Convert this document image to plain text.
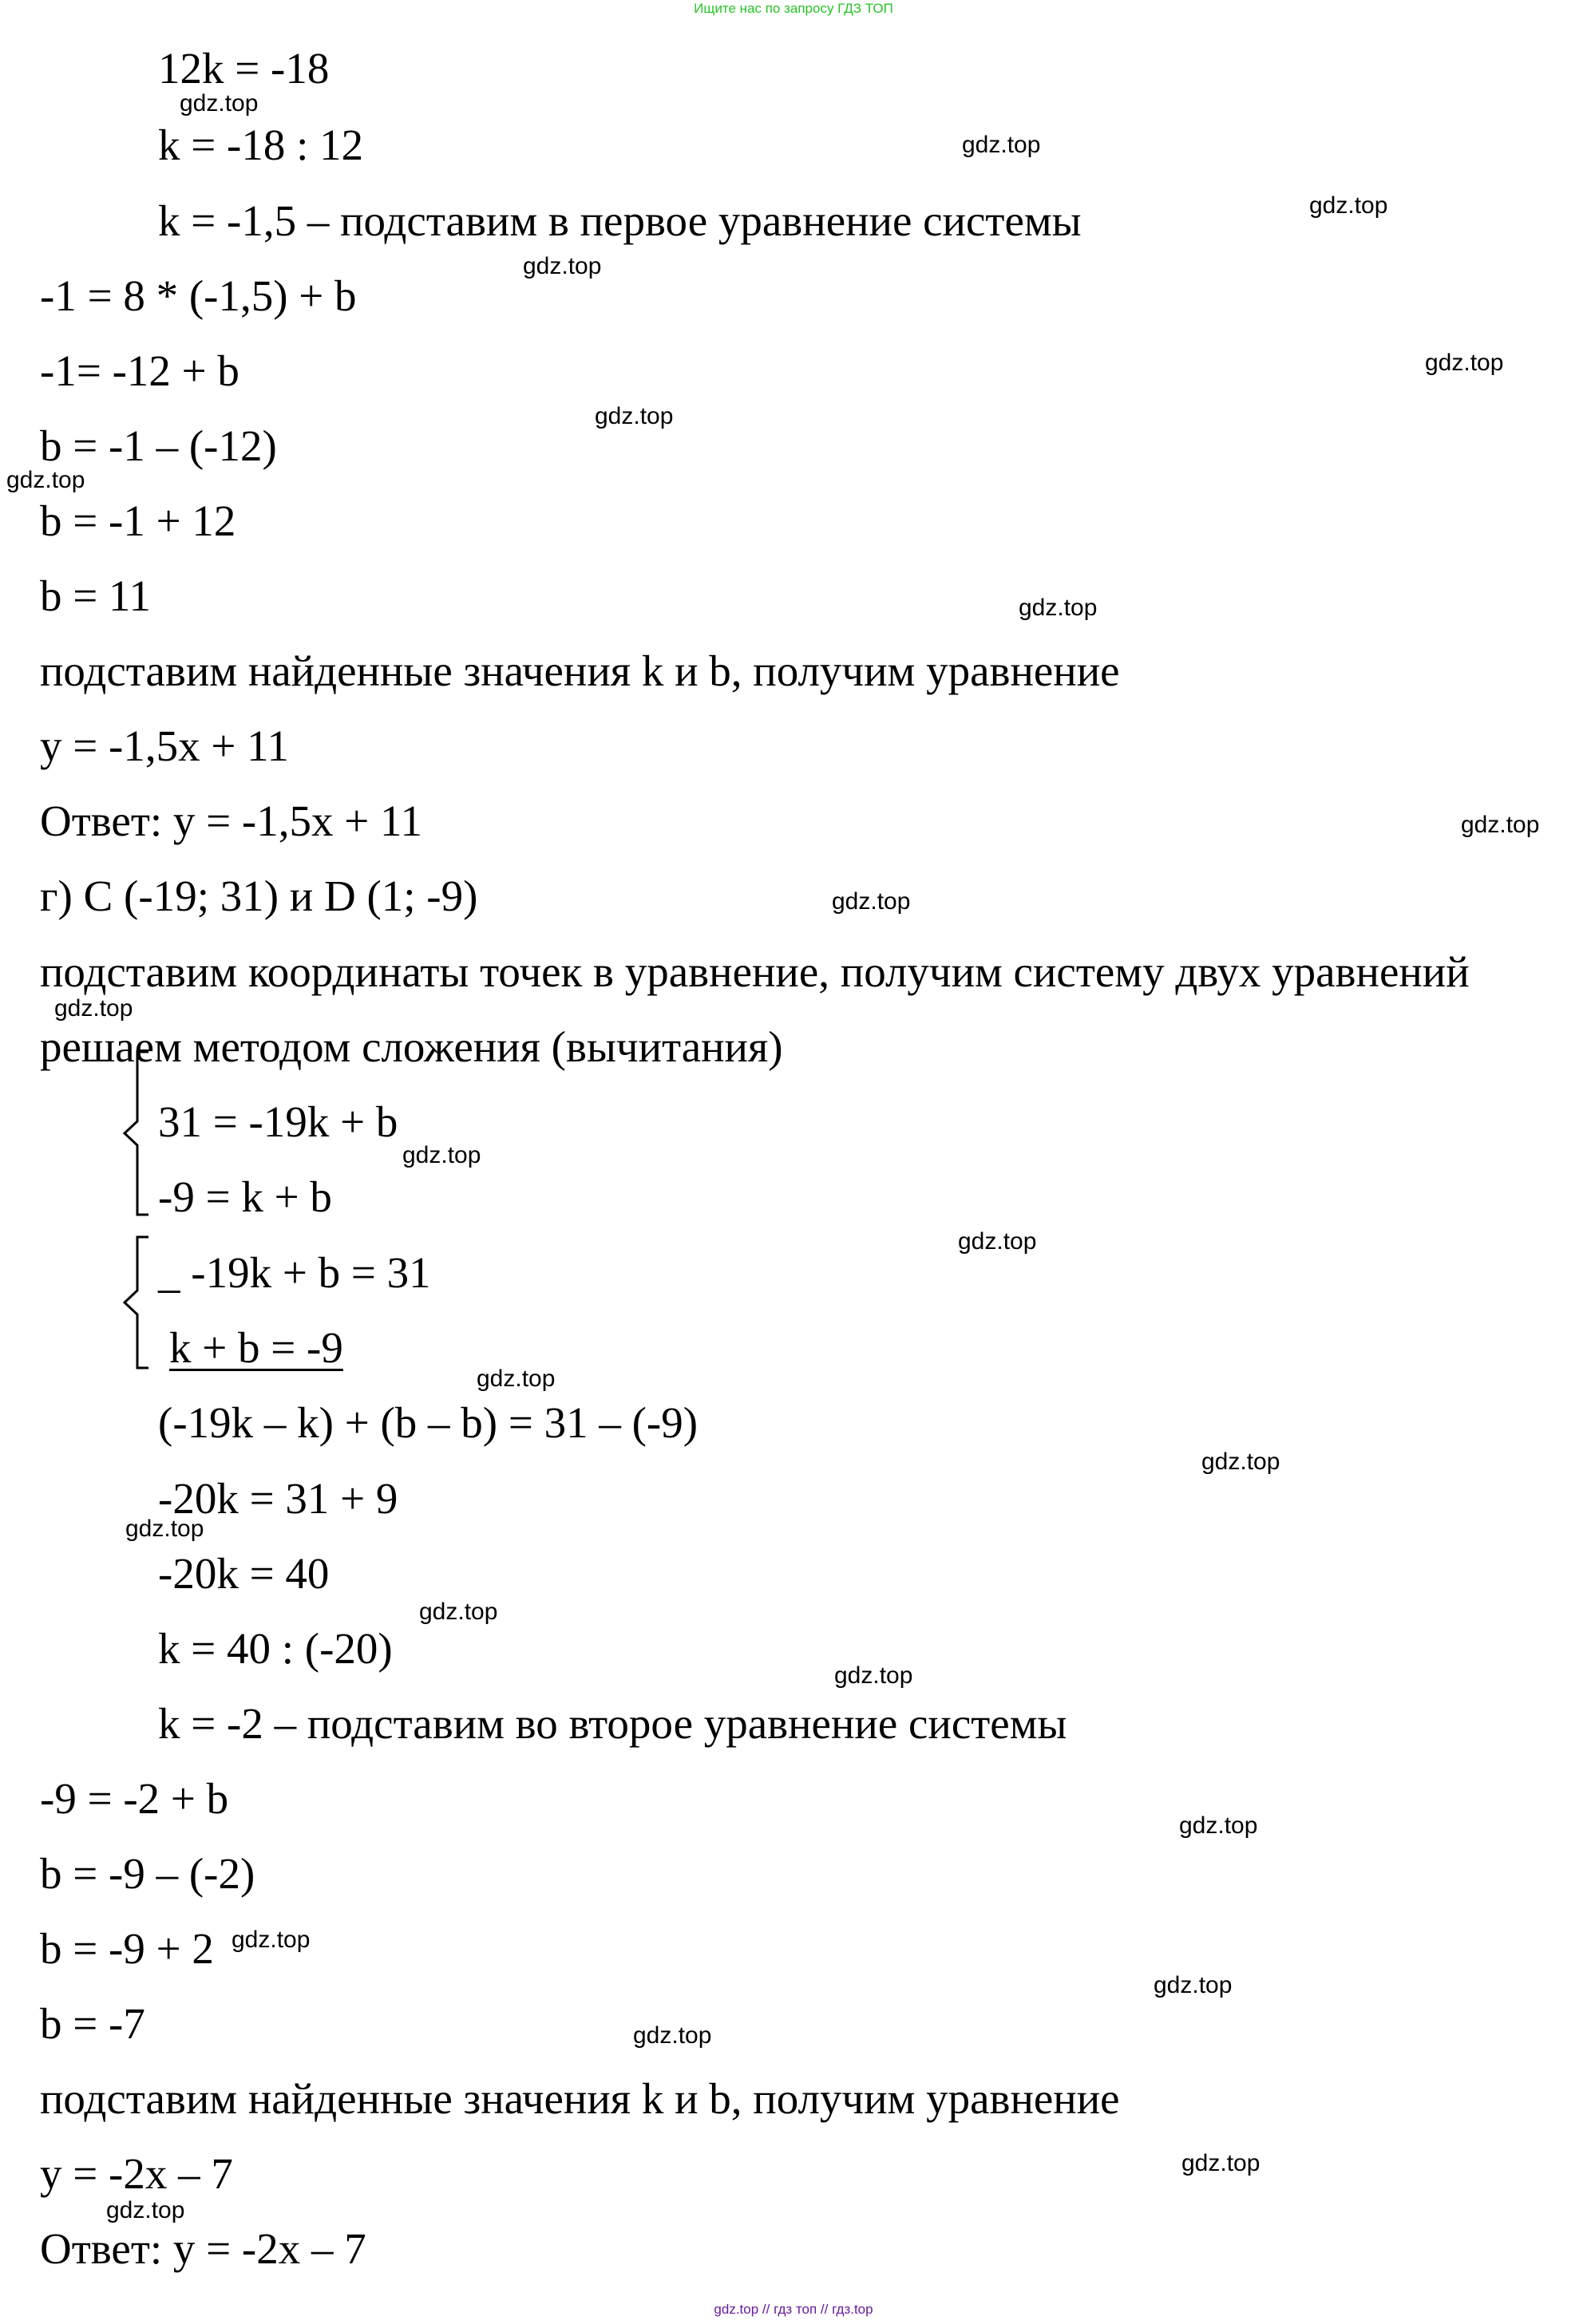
Ищите нас по запросу ГДЗ ТОП
12k = -18
k = -18 : 12
k = -1,5 – подставим в первое уравнение системы
-1 = 8 * (-1,5) + b
-1= -12 + b
b = -1 – (-12)
b = -1 + 12
b = 11
подставим найденные значения k и b, получим уравнение
y = -1,5x + 11
Ответ: y = -1,5x + 11
г) C (-19; 31) и D (1; -9)
подставим координаты точек в уравнение, получим систему двух уравнений
решаем методом сложения (вычитания)
31 = -19k + b
-9 = k + b
_ -19k + b = 31
k + b = -9
(-19k – k) + (b – b) = 31 – (-9)
-20k = 31 + 9
-20k = 40
k = 40 : (-20)
k = -2 – подставим во второе уравнение системы
-9 = -2 + b
b = -9 – (-2)
b = -9 + 2
b = -7
подставим найденные значения k и b, получим уравнение
y = -2x – 7
Ответ: y = -2x – 7
gdz.top
gdz.top
gdz.top
gdz.top
gdz.top
gdz.top
gdz.top
gdz.top
gdz.top
gdz.top
gdz.top
gdz.top
gdz.top
gdz.top
gdz.top
gdz.top
gdz.top
gdz.top
gdz.top
gdz.top
gdz.top
gdz.top
gdz.top
gdz.top
gdz.top // гдз топ // гдз.top
